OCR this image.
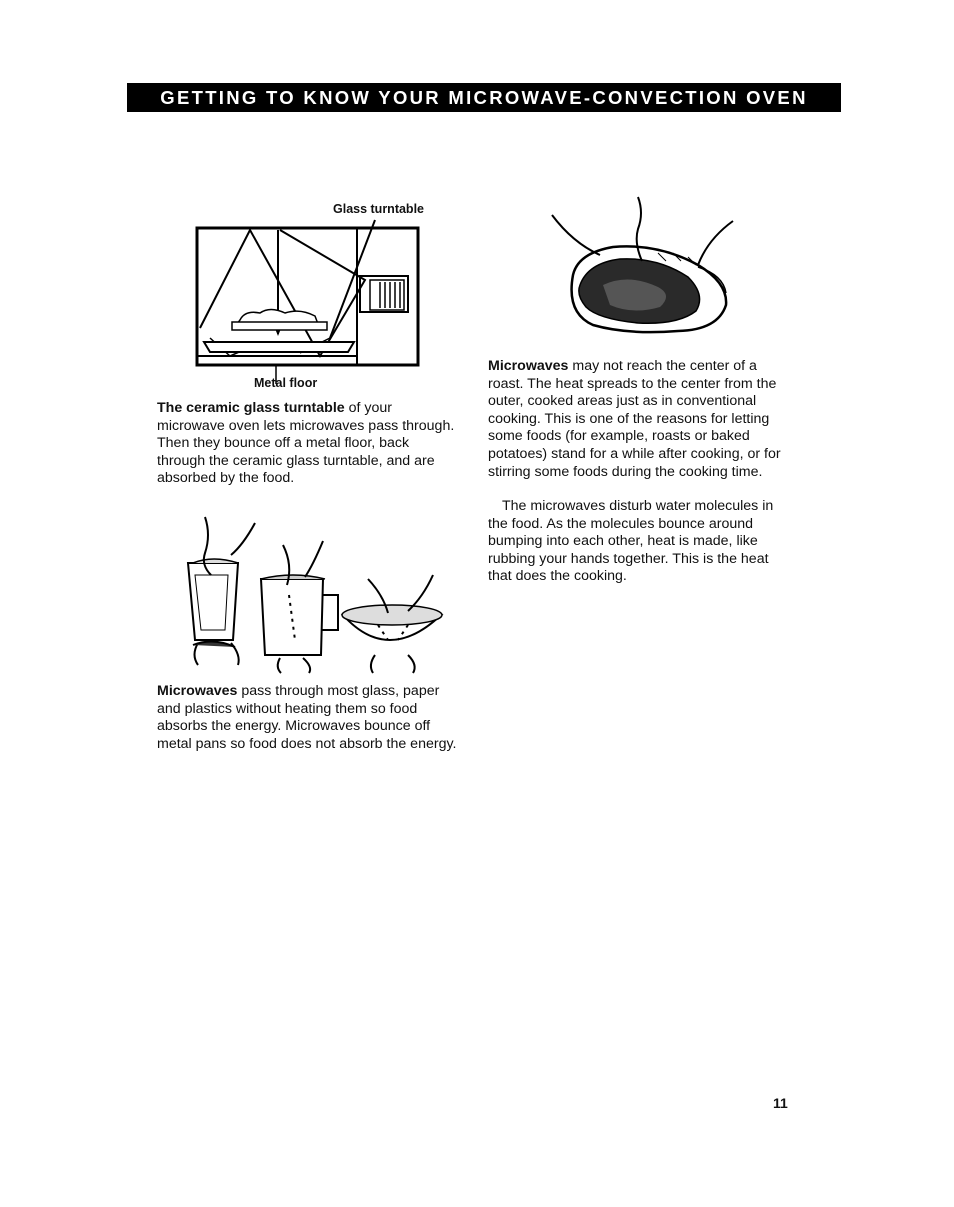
GETTING TO KNOW YOUR MICROWAVE-CONVECTION OVEN
Glass turntable
Metal floor

The ceramic glass turntable of your microwave oven lets microwaves pass through. Then they bounce off a metal floor, back through the ceramic glass turntable, and are absorbed by the food.

Microwaves pass through most glass, paper and plastics without heating them so food absorbs the energy. Microwaves bounce off metal pans so food does not absorb the energy.

Microwaves may not reach the center of a roast. The heat spreads to the center from the outer, cooked areas just as in conventional cooking. This is one of the reasons for letting some foods (for example, roasts or baked potatoes) stand for a while after cooking, or for stirring some foods during the cooking time.

The microwaves disturb water molecules in the food. As the molecules bounce around bumping into each other, heat is made, like rubbing your hands together. This is the heat that does the cooking.

11
